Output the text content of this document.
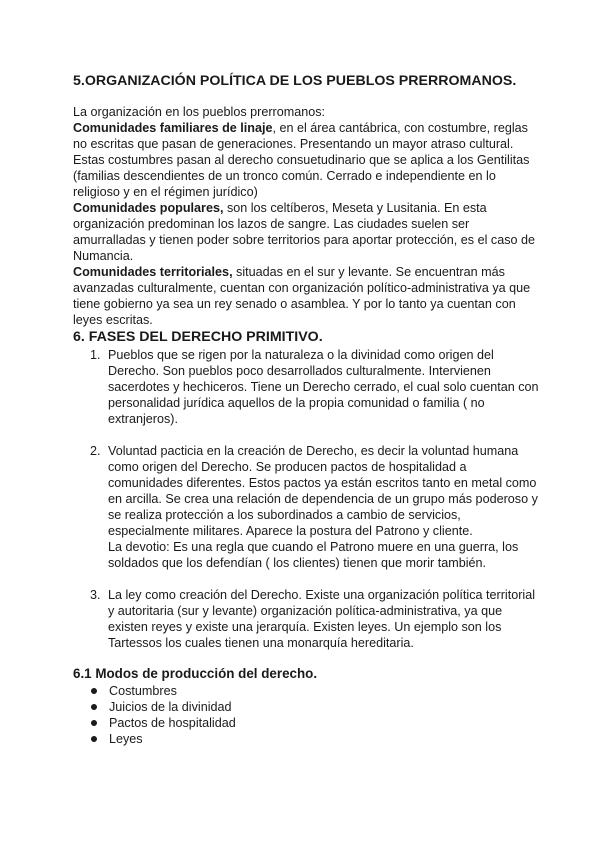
5.ORGANIZACIÓN POLÍTICA DE LOS PUEBLOS PRERROMANOS.

La organización en los pueblos prerromanos:

Comunidades familiares de linaje, en el área cantábrica, con costumbre, reglas no escritas que pasan de generaciones. Presentando un mayor atraso cultural.

Estas costumbres pasan al derecho consuetudinario que se aplica a los Gentilitas (familias descendientes de un tronco común. Cerrado e independiente en lo religioso y en el régimen jurídico)

Comunidades populares, son los celtíberos, Meseta y Lusitania. En esta organización predominan los lazos de sangre. Las ciudades suelen ser amurralladas y tienen poder sobre territorios para aportar protección, es el caso de Numancia.

Comunidades territoriales, situadas en el sur y levante. Se encuentran más avanzadas culturalmente, cuentan con organización político-administrativa ya que tiene gobierno ya sea un rey senado o asamblea. Y por lo tanto ya cuentan con leyes escritas.

6. FASES DEL DERECHO PRIMITIVO.
1. Pueblos que se rigen por la naturaleza o la divinidad como origen del Derecho. Son pueblos poco desarrollados culturalmente. Intervienen sacerdotes y hechiceros. Tiene un Derecho cerrado, el cual solo cuentan con personalidad jurídica aquellos de la propia comunidad o familia ( no extranjeros).
2. Voluntad pacticia en la creación de Derecho, es decir la voluntad humana como origen del Derecho. Se producen pactos de hospitalidad a comunidades diferentes. Estos pactos ya están escritos tanto en metal como en arcilla. Se crea una relación de dependencia de un grupo más poderoso y se realiza protección a los subordinados a cambio de servicios, especialmente militares. Aparece la postura del Patrono y cliente.
La devotio: Es una regla que cuando el Patrono muere en una guerra, los soldados que los defendían ( los clientes) tienen que morir también.
3. La ley como creación del Derecho. Existe una organización política territorial y autoritaria (sur y levante) organización política-administrativa, ya que existen reyes y existe una jerarquía. Existen leyes. Un ejemplo son los Tartessos los cuales tienen una monarquía hereditaria.
6.1 Modos de producción del derecho.
Costumbres
Juicios de la divinidad
Pactos de hospitalidad
Leyes
